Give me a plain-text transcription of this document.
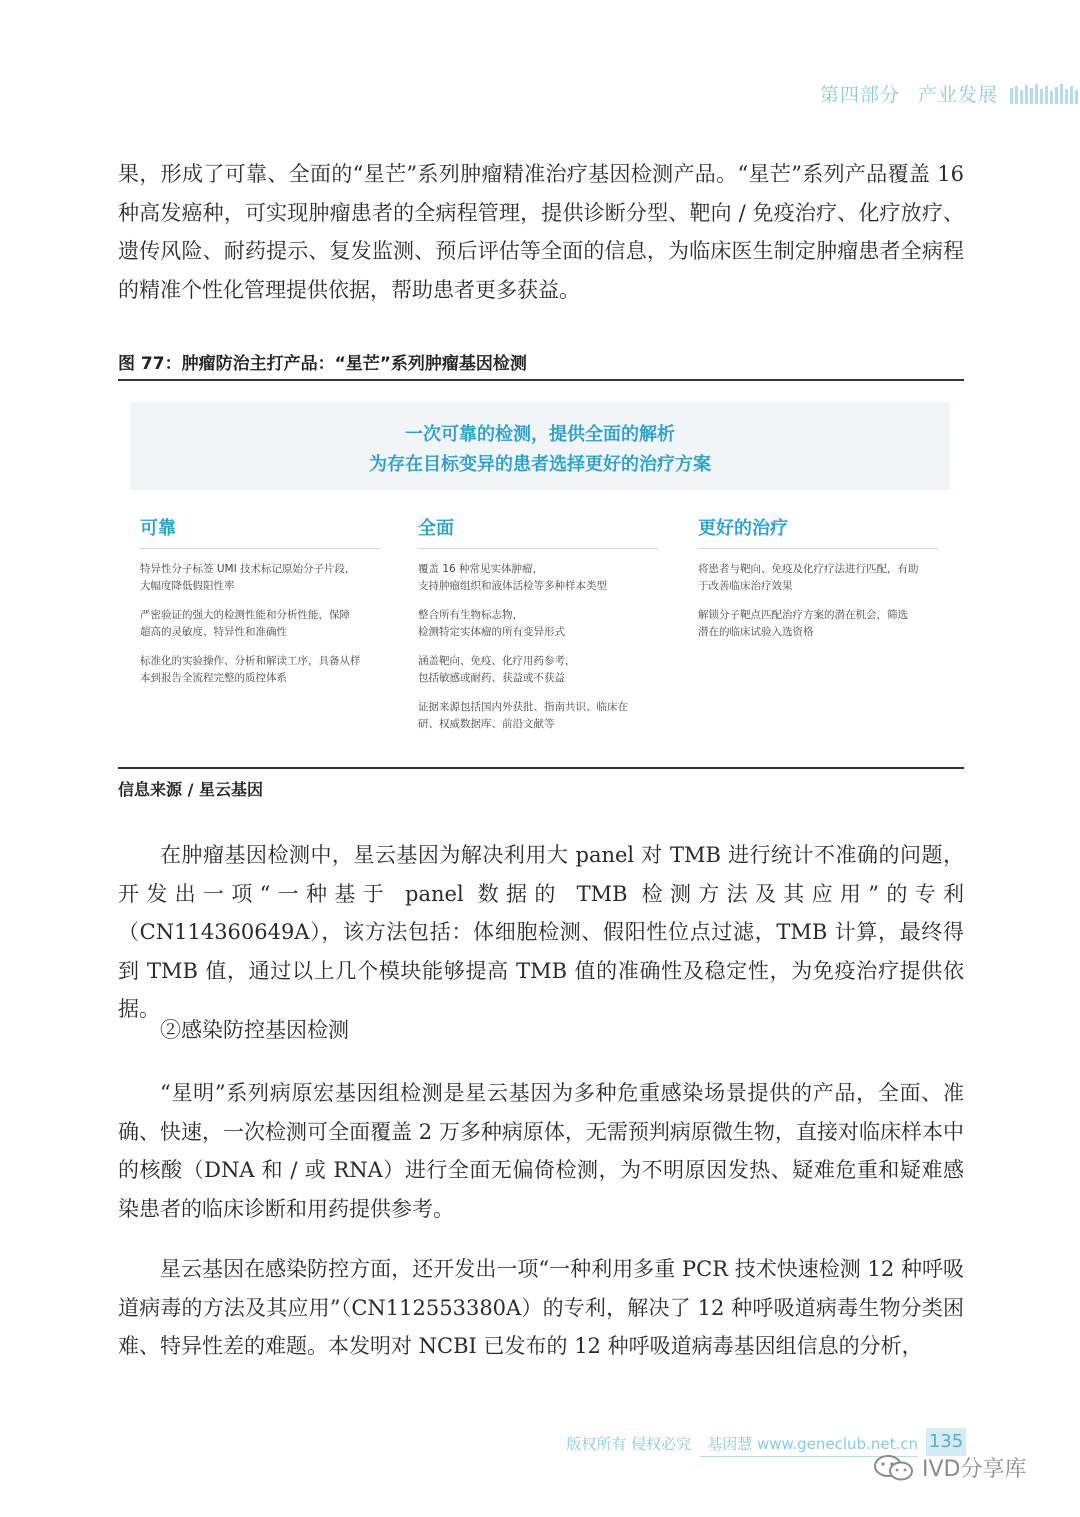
第四部分 产业发展

果，形成了可靠、全面的“星芒”系列肿瘤精准治疗基因检测产品。“星芒”系列产品覆盖 16 种高发癌种，可实现肿瘤患者的全病程管理，提供诊断分型、靶向 / 免疫治疗、化疗放疗、遗传风险、耐药提示、复发监测、预后评估等全面的信息，为临床医生制定肿瘤患者全病程的精准个性化管理提供依据，帮助患者更多获益。

图 77：肿瘤防治主打产品：“星芒”系列肿瘤基因检测
一次可靠的检测，提供全面的解析
为存在目标变异的患者选择更好的治疗方案
可靠
特异性分子标签 UMI 技术标记原始分子片段，
大幅度降低假阳性率
严密验证的强大的检测性能和分析性能，保障
超高的灵敏度、特异性和准确性
标准化的实验操作、分析和解读工序，具备从样
本到报告全流程完整的质控体系
全面
覆盖 16 种常见实体肿瘤，
支持肿瘤组织和液体活检等多种样本类型
整合所有生物标志物，
检测特定实体瘤的所有变异形式
涵盖靶向、免疫、化疗用药参考，
包括敏感或耐药、获益或不获益
证据来源包括国内外获批、指南共识、临床在
研、权威数据库、前沿文献等
更好的治疗
将患者与靶向、免疫及化疗疗法进行匹配，有助
于改善临床治疗效果
解锁分子靶点匹配治疗方案的潜在机会，筛选
潜在的临床试验入选资格
信息来源 / 星云基因

在肿瘤基因检测中，星云基因为解决利用大 panel 对 TMB 进行统计不准确的问题，开发出一项“一种基于 panel 数据的 TMB 检测方法及其应用”的专利（CN114360649A），该方法包括：体细胞检测、假阳性位点过滤，TMB 计算，最终得到 TMB 值，通过以上几个模块能够提高 TMB 值的准确性及稳定性，为免疫治疗提供依据。

②感染防控基因检测

“星明”系列病原宏基因组检测是星云基因为多种危重感染场景提供的产品，全面、准确、快速，一次检测可全面覆盖 2 万多种病原体，无需预判病原微生物，直接对临床样本中的核酸（DNA 和 / 或 RNA）进行全面无偏倚检测，为不明原因发热、疑难危重和疑难感染患者的临床诊断和用药提供参考。

星云基因在感染防控方面，还开发出一项“一种利用多重 PCR 技术快速检测 12 种呼吸道病毒的方法及其应用”（CN112553380A）的专利，解决了 12 种呼吸道病毒生物分类困难、特异性差的难题。本发明对 NCBI 已发布的 12 种呼吸道病毒基因组信息的分析，

版权所有 侵权必究 基因慧 www.geneclub.net.cn 135
IVD分享库
